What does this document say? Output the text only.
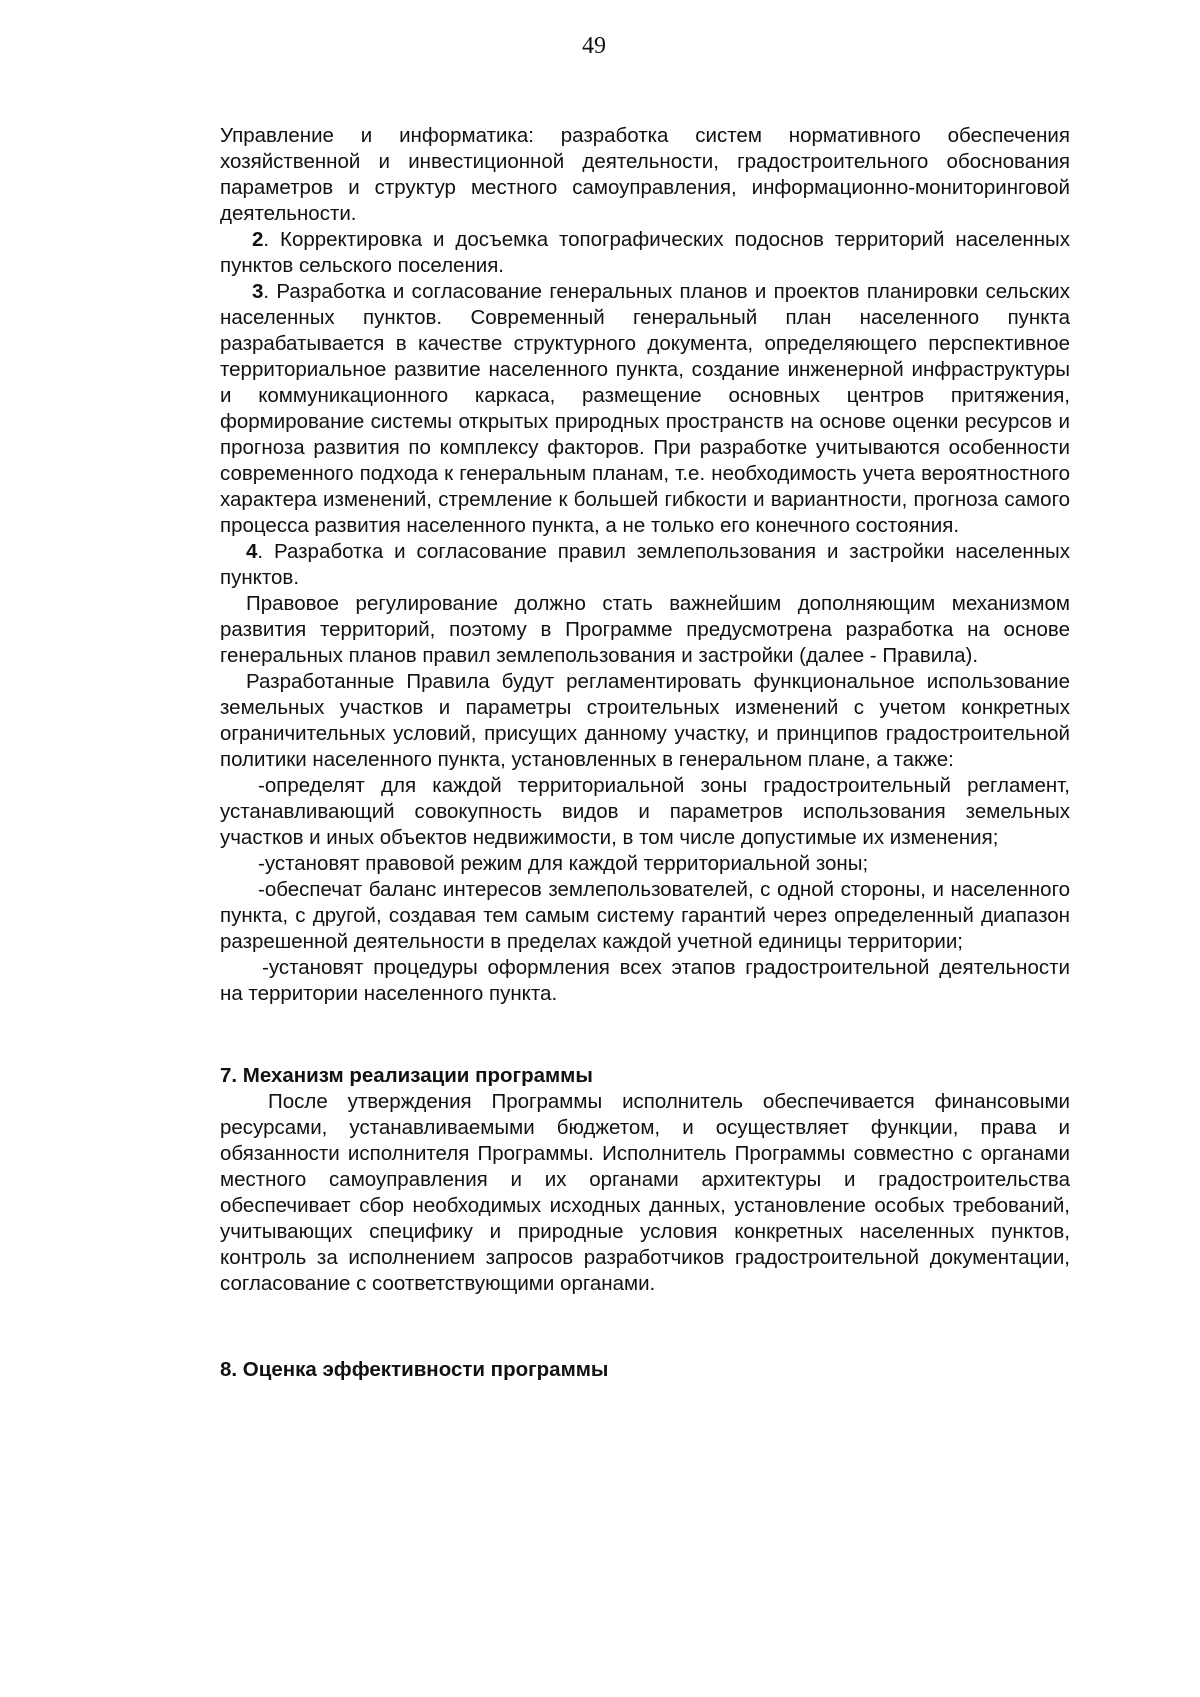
49

Управление и информатика: разработка систем нормативного обеспечения хозяйственной и инвестиционной деятельности, градостроительного обоснования параметров и структур местного самоуправления, информационно-мониторинговой деятельности.

2. Корректировка и досъемка топографических подоснов территорий населенных пунктов сельского поселения.

3. Разработка и согласование генеральных планов и проектов планировки сельских населенных пунктов. Современный генеральный план населенного пункта разрабатывается в качестве структурного документа, определяющего перспективное территориальное развитие населенного пункта, создание инженерной инфраструктуры и коммуникационного каркаса, размещение основных центров притяжения, формирование системы открытых природных пространств на основе оценки ресурсов и прогноза развития по комплексу факторов. При разработке учитываются особенности современного подхода к генеральным планам, т.е. необходимость учета вероятностного характера изменений, стремление к большей гибкости и вариантности, прогноза самого процесса развития населенного пункта, а не только его конечного состояния.

4. Разработка и согласование правил землепользования и застройки населенных пунктов.

Правовое регулирование должно стать важнейшим дополняющим механизмом развития территорий, поэтому в Программе предусмотрена разработка на основе генеральных планов правил землепользования и застройки (далее - Правила).

Разработанные Правила будут регламентировать функциональное использование земельных участков и параметры строительных изменений с учетом конкретных ограничительных условий, присущих данному участку, и принципов градостроительной политики населенного пункта, установленных в генеральном плане, а также:

-определят для каждой территориальной зоны градостроительный регламент, устанавливающий совокупность видов и параметров использования земельных участков и иных объектов недвижимости, в том числе допустимые их изменения;

-установят правовой режим для каждой территориальной зоны;

-обеспечат баланс интересов землепользователей, с одной стороны, и населенного пункта, с другой, создавая тем самым систему гарантий через определенный диапазон разрешенной деятельности в пределах каждой учетной единицы территории;

-установят процедуры оформления всех этапов градостроительной деятельности на территории населенного пункта.

7. Механизм реализации программы

После утверждения Программы исполнитель обеспечивается финансовыми ресурсами, устанавливаемыми бюджетом, и осуществляет функции, права и обязанности исполнителя Программы. Исполнитель Программы совместно с органами местного самоуправления и их органами архитектуры и градостроительства обеспечивает сбор необходимых исходных данных, установление особых требований, учитывающих специфику и природные условия конкретных населенных пунктов, контроль за исполнением запросов разработчиков градостроительной документации, согласование с соответствующими органами.

8. Оценка эффективности программы
